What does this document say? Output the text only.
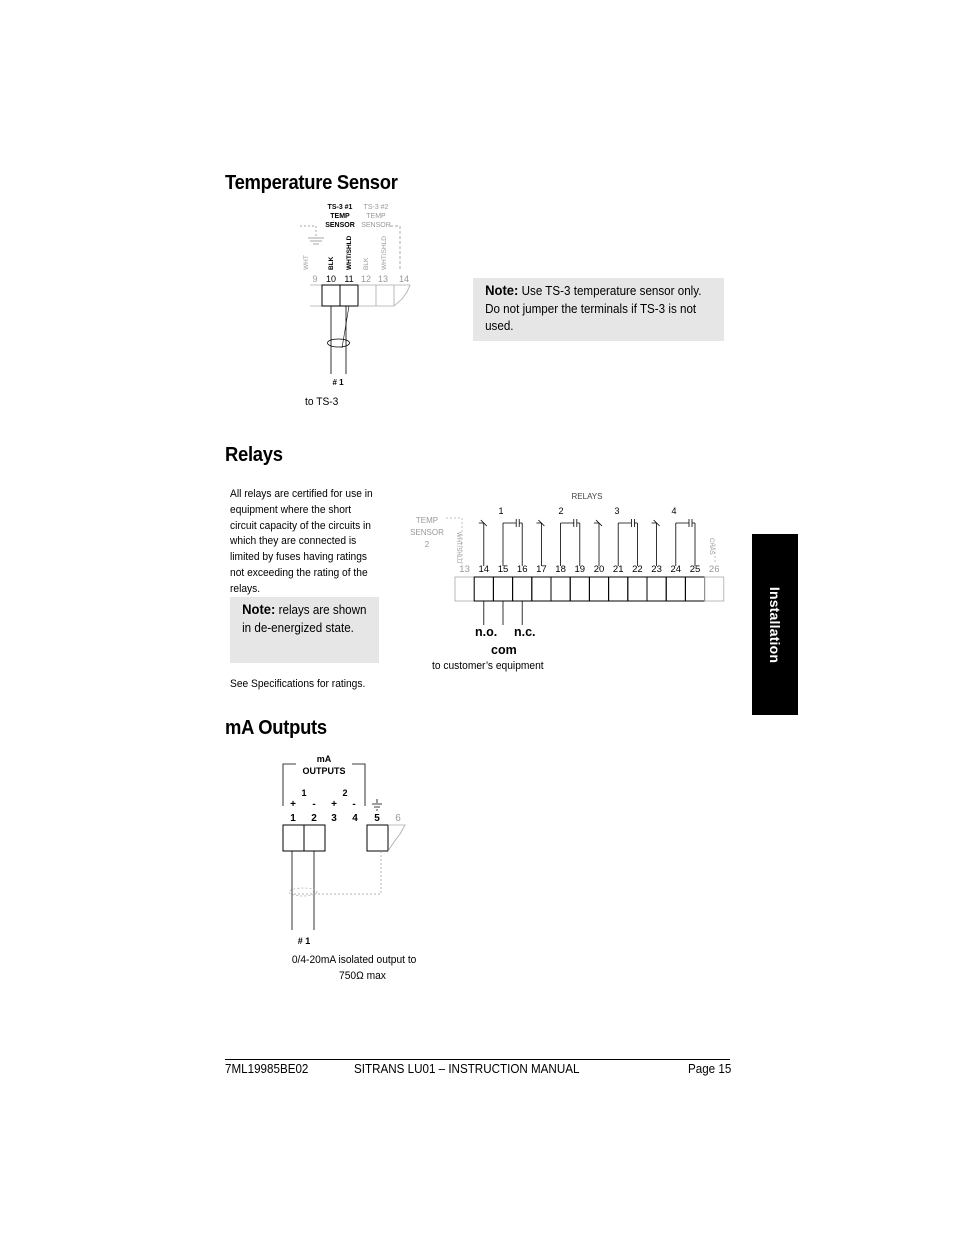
Temperature Sensor
TS-3 #1
TEMP
SENSOR
TS-3 #2
TEMP
SENSOR
WHT	BLK WHT/SHLD BLK WHT/SHLD
9 10 11 12 13 14
# 1
to TS-3
Note: Use TS-3 temperature sensor only. Do not jumper the terminals if TS-3 is not used.
Relays
All relays are certified for use in equipment where the short circuit capacity of the circuits in which they are connected is limited by fuses having ratings not exceeding the rating of the relays.
Note: relays are shown in de-energized state.
See Specifications for ratings.
RELAYS
1	2	3	4
TEMP
SENSOR
2	WHT/SHLD	CHAS
13 14 15 16 17 18 19 20 21 22 23 24 25 26
n.o. n.c.
com
to customer’s equipment
mA Outputs
mA
OUTPUTS
1	2
+ - + -
1 2 3 4 5 6
# 1
0/4-20mA isolated output to
750Ω max
Installation
7ML19985BE02	SITRANS LU01 – INSTRUCTION MANUAL	Page 15
